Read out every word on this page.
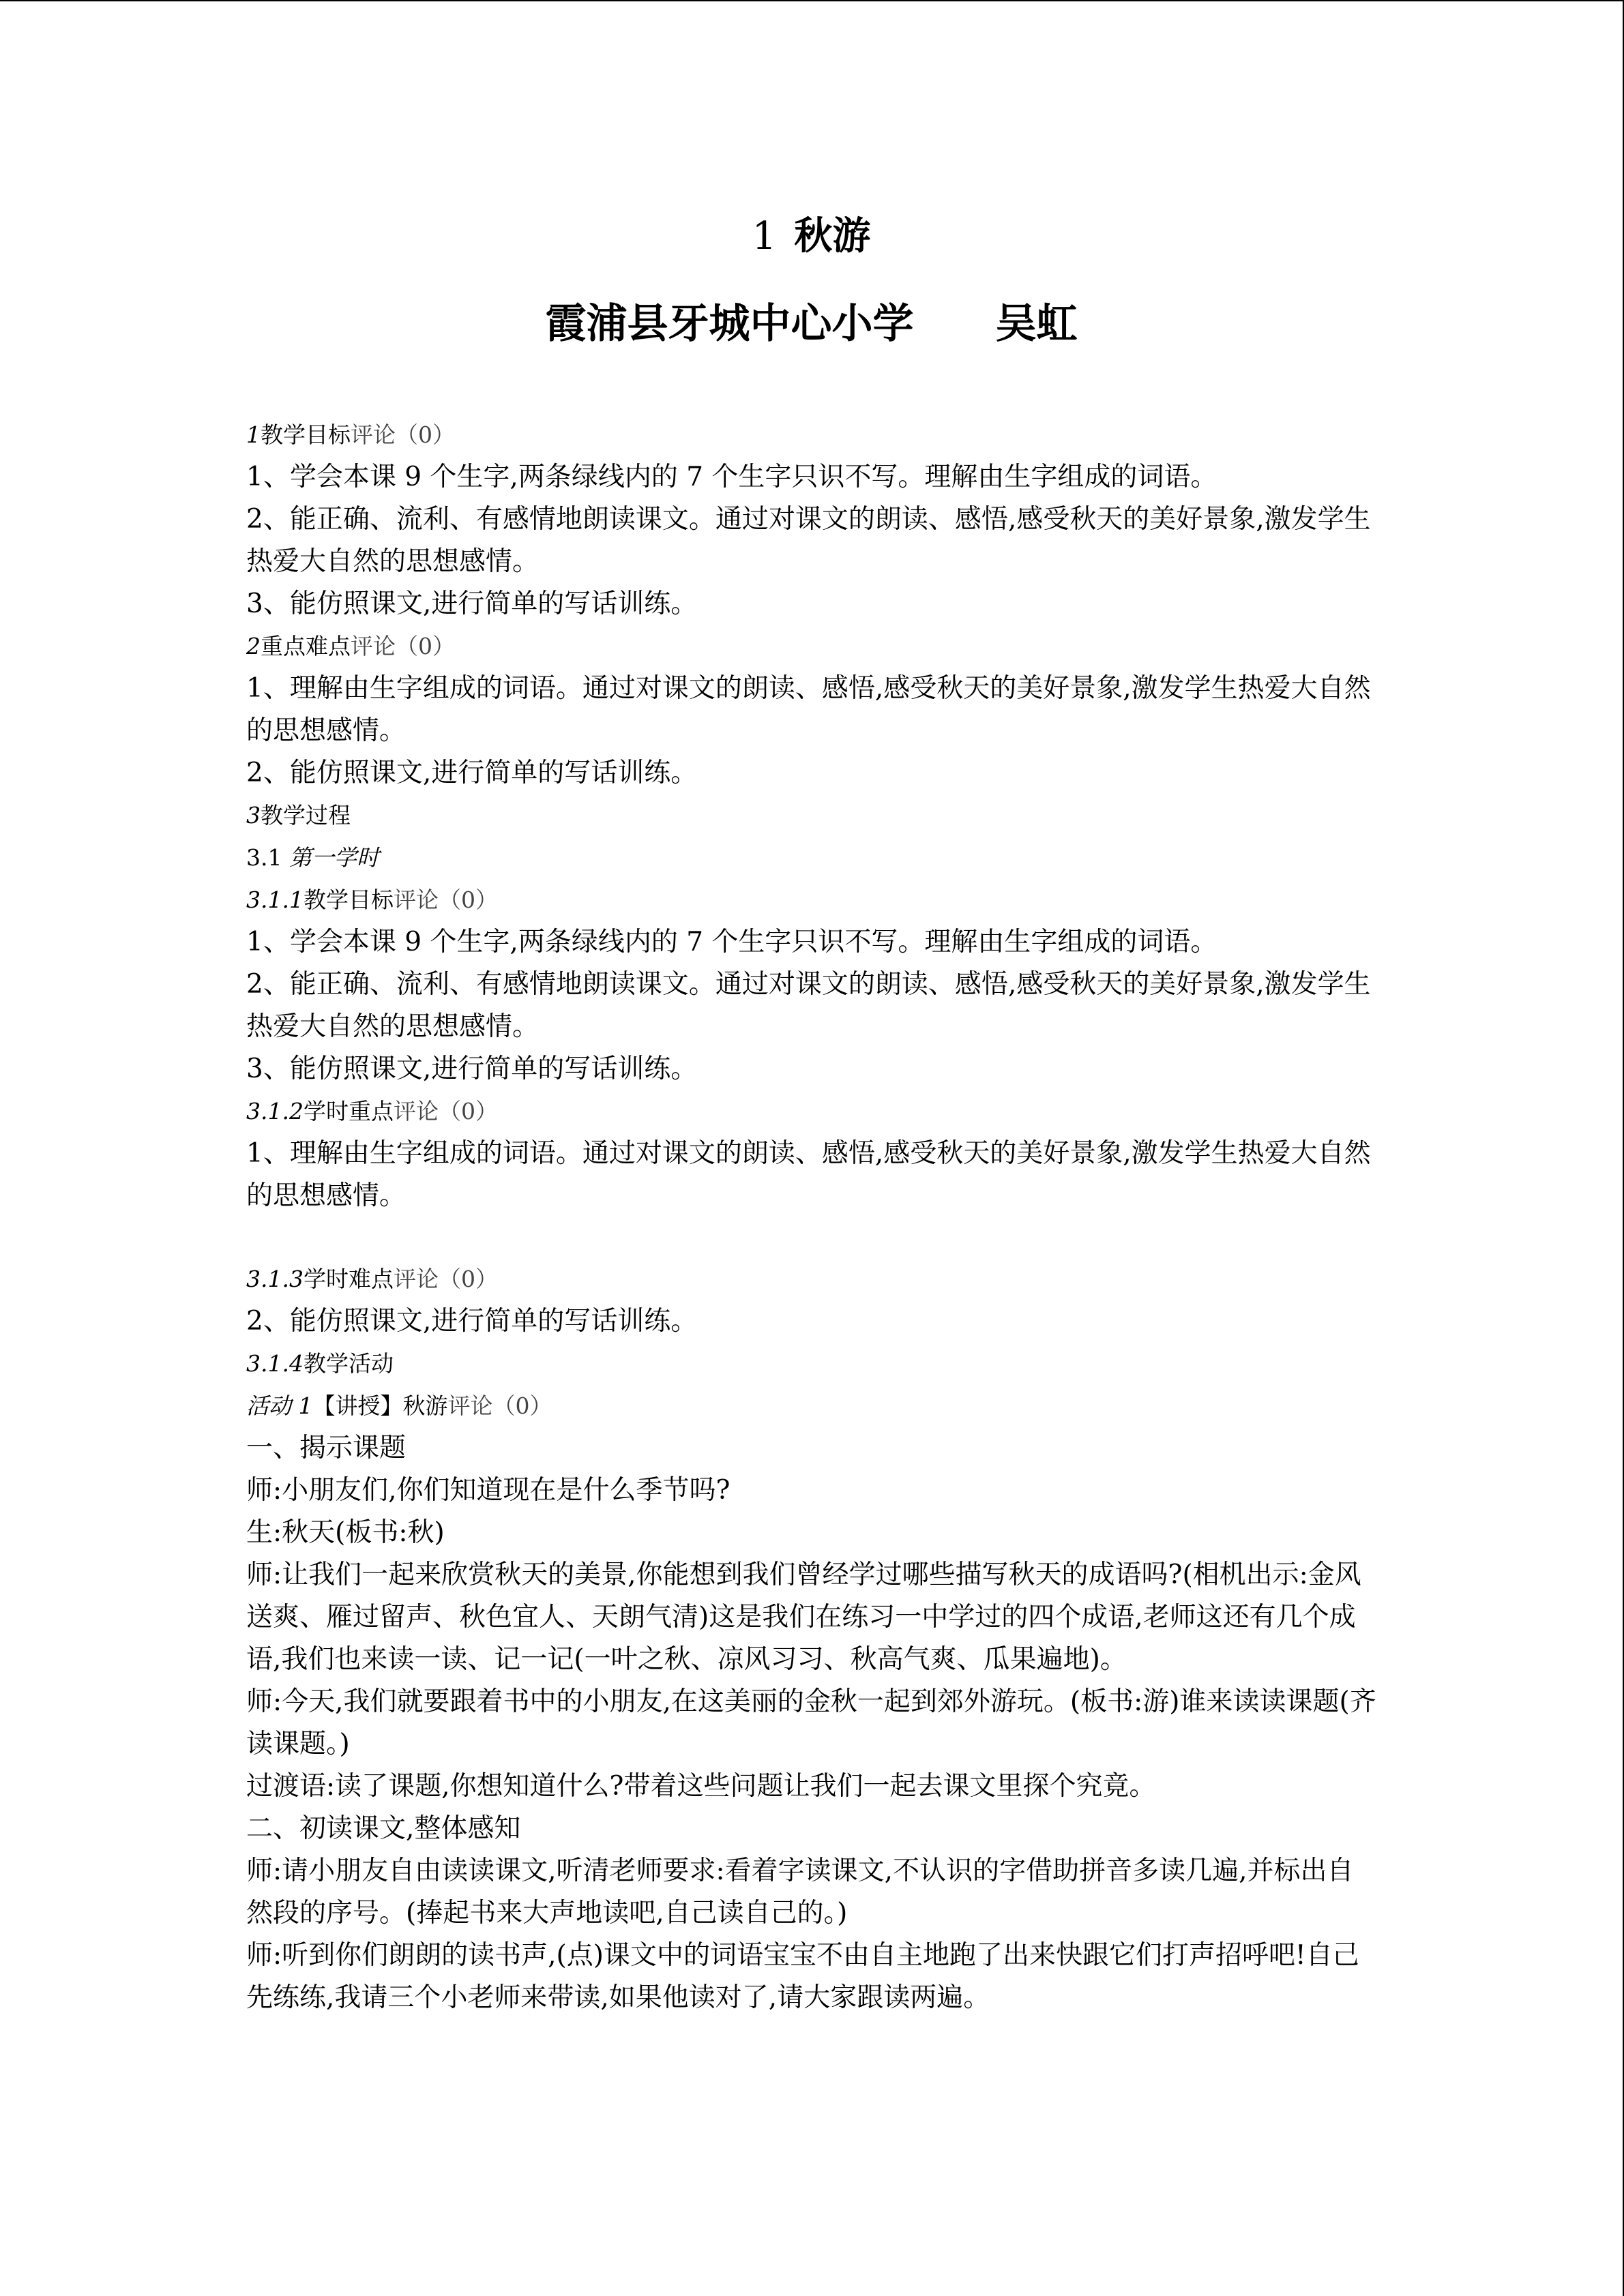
1 秋游
霞浦县牙城中心小学 吴虹
1教学目标评论（0）
1、学会本课 9 个生字,两条绿线内的 7 个生字只识不写。理解由生字组成的词语。
2、能正确、流利、有感情地朗读课文。通过对课文的朗读、感悟,感受秋天的美好景象,激发学生热爱大自然的思想感情。
3、能仿照课文,进行简单的写话训练。
2重点难点评论（0）
1、理解由生字组成的词语。通过对课文的朗读、感悟,感受秋天的美好景象,激发学生热爱大自然的思想感情。
2、能仿照课文,进行简单的写话训练。
3教学过程
3.1 第一学时
3.1.1教学目标评论（0）
1、学会本课 9 个生字,两条绿线内的 7 个生字只识不写。理解由生字组成的词语。
2、能正确、流利、有感情地朗读课文。通过对课文的朗读、感悟,感受秋天的美好景象,激发学生热爱大自然的思想感情。
3、能仿照课文,进行简单的写话训练。
3.1.2学时重点评论（0）
1、理解由生字组成的词语。通过对课文的朗读、感悟,感受秋天的美好景象,激发学生热爱大自然的思想感情。
3.1.3学时难点评论（0）
2、能仿照课文,进行简单的写话训练。
3.1.4教学活动
活动 1【讲授】秋游评论（0）
一、揭示课题
师:小朋友们,你们知道现在是什么季节吗?
生:秋天(板书:秋)
师:让我们一起来欣赏秋天的美景,你能想到我们曾经学过哪些描写秋天的成语吗?(相机出示:金风送爽、雁过留声、秋色宜人、天朗气清)这是我们在练习一中学过的四个成语,老师这还有几个成语,我们也来读一读、记一记(一叶之秋、凉风习习、秋高气爽、瓜果遍地)。
师:今天,我们就要跟着书中的小朋友,在这美丽的金秋一起到郊外游玩。(板书:游)谁来读读课题(齐读课题。)
过渡语:读了课题,你想知道什么?带着这些问题让我们一起去课文里探个究竟。
二、初读课文,整体感知
师:请小朋友自由读读课文,听清老师要求:看着字读课文,不认识的字借助拼音多读几遍,并标出自然段的序号。(捧起书来大声地读吧,自己读自己的。)
师:听到你们朗朗的读书声,(点)课文中的词语宝宝不由自主地跑了出来快跟它们打声招呼吧!自己先练练,我请三个小老师来带读,如果他读对了,请大家跟读两遍。
